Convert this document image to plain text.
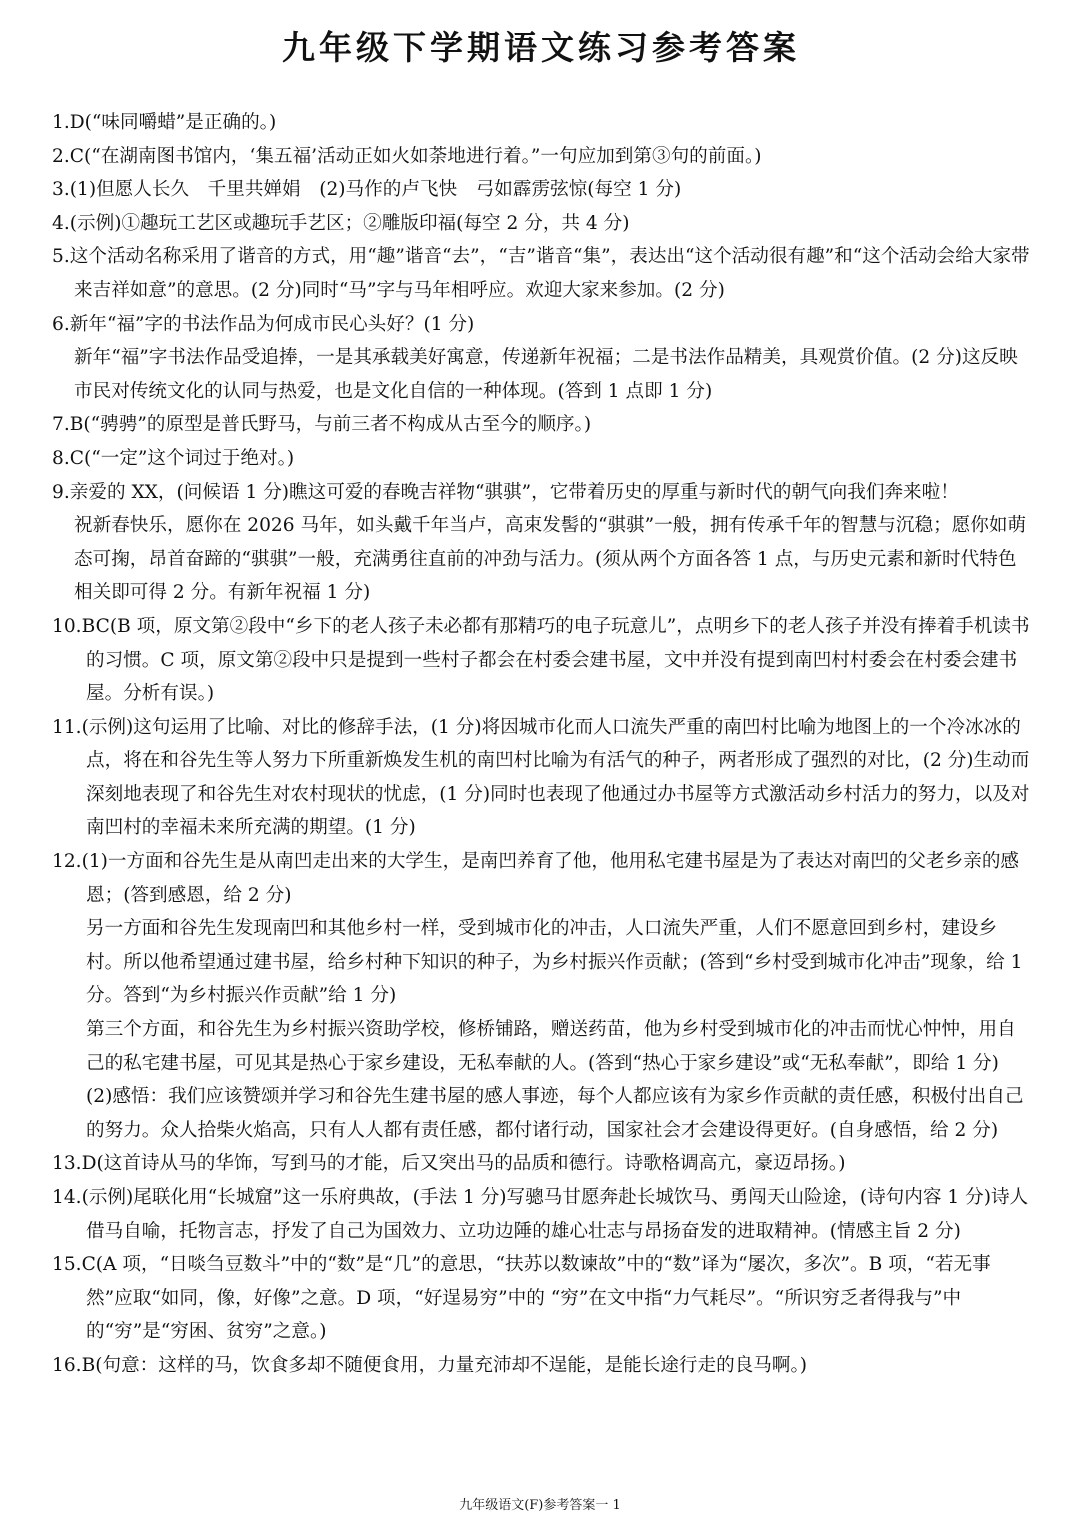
九年级下学期语文练习参考答案
1.D(“味同嚼蜡”是正确的。)
2.C(“在湖南图书馆内，‘集五福’活动正如火如荼地进行着。”一句应加到第③句的前面。)
3.(1)但愿人长久　千里共婵娟　(2)马作的卢飞快　弓如霹雳弦惊(每空 1 分)
4.(示例)①趣玩工艺区或趣玩手艺区；②雕版印福(每空 2 分，共 4 分)
5.这个活动名称采用了谐音的方式，用“趣”谐音“去”，“吉”谐音“集”，表达出“这个活动很有趣”和“这个活动会给大家带来吉祥如意”的意思。(2 分)同时“马”字与马年相呼应。欢迎大家来参加。(2 分)
6.新年“福”字的书法作品为何成市民心头好？(1 分)
新年“福”字书法作品受追捧，一是其承载美好寓意，传递新年祝福；二是书法作品精美，具观赏价值。(2 分)这反映市民对传统文化的认同与热爱，也是文化自信的一种体现。(答到 1 点即 1 分)
7.B(“骋骋”的原型是普氏野马，与前三者不构成从古至今的顺序。)
8.C(“一定”这个词过于绝对。)
9.亲爱的 XX，(问候语 1 分)瞧这可爱的春晚吉祥物“骐骐”，它带着历史的厚重与新时代的朝气向我们奔来啦！
祝新春快乐，愿你在 2026 马年，如头戴千年当卢，高束发髻的“骐骐”一般，拥有传承千年的智慧与沉稳；愿你如萌态可掬，昂首奋蹄的“骐骐”一般，充满勇往直前的冲劲与活力。(须从两个方面各答 1 点，与历史元素和新时代特色相关即可得 2 分。有新年祝福 1 分)
10.BC(B 项，原文第②段中“乡下的老人孩子未必都有那精巧的电子玩意儿”，点明乡下的老人孩子并没有捧着手机读书的习惯。C 项，原文第②段中只是提到一些村子都会在村委会建书屋，文中并没有提到南凹村村委会在村委会建书屋。分析有误。)
11.(示例)这句运用了比喻、对比的修辞手法，(1 分)将因城市化而人口流失严重的南凹村比喻为地图上的一个冷冰冰的点，将在和谷先生等人努力下所重新焕发生机的南凹村比喻为有活气的种子，两者形成了强烈的对比，(2 分)生动而深刻地表现了和谷先生对农村现状的忧虑，(1 分)同时也表现了他通过办书屋等方式激活动乡村活力的努力，以及对南凹村的幸福未来所充满的期望。(1 分)
12.(1)一方面和谷先生是从南凹走出来的大学生，是南凹养育了他，他用私宅建书屋是为了表达对南凹的父老乡亲的感恩；(答到感恩，给 2 分)
另一方面和谷先生发现南凹和其他乡村一样，受到城市化的冲击，人口流失严重，人们不愿意回到乡村，建设乡村。所以他希望通过建书屋，给乡村种下知识的种子，为乡村振兴作贡献；(答到“乡村受到城市化冲击”现象，给 1 分。答到“为乡村振兴作贡献”给 1 分)
第三个方面，和谷先生为乡村振兴资助学校，修桥铺路，赠送药苗，他为乡村受到城市化的冲击而忧心忡忡，用自己的私宅建书屋，可见其是热心于家乡建设，无私奉献的人。(答到“热心于家乡建设”或“无私奉献”，即给 1 分)
(2)感悟：我们应该赞颂并学习和谷先生建书屋的感人事迹，每个人都应该有为家乡作贡献的责任感，积极付出自己的努力。众人拾柴火焰高，只有人人都有责任感，都付诸行动，国家社会才会建设得更好。(自身感悟，给 2 分)
13.D(这首诗从马的华饰，写到马的才能，后又突出马的品质和德行。诗歌格调高亢，豪迈昂扬。)
14.(示例)尾联化用“长城窟”这一乐府典故，(手法 1 分)写骢马甘愿奔赴长城饮马、勇闯天山险途，(诗句内容 1 分)诗人借马自喻，托物言志，抒发了自己为国效力、立功边陲的雄心壮志与昂扬奋发的进取精神。(情感主旨 2 分)
15.C(A 项，“日啖刍豆数斗”中的“数”是“几”的意思，“扶苏以数谏故”中的“数”译为“屡次，多次”。B 项，“若无事然”应取“如同，像，好像”之意。D 项，“好逞易穷”中的 “穷”在文中指“力气耗尽”。“所识穷乏者得我与”中的“穷”是“穷困、贫穷”之意。)
16.B(句意：这样的马，饮食多却不随便食用，力量充沛却不逞能，是能长途行走的良马啊。)
九年级语文(F)参考答案一 1
